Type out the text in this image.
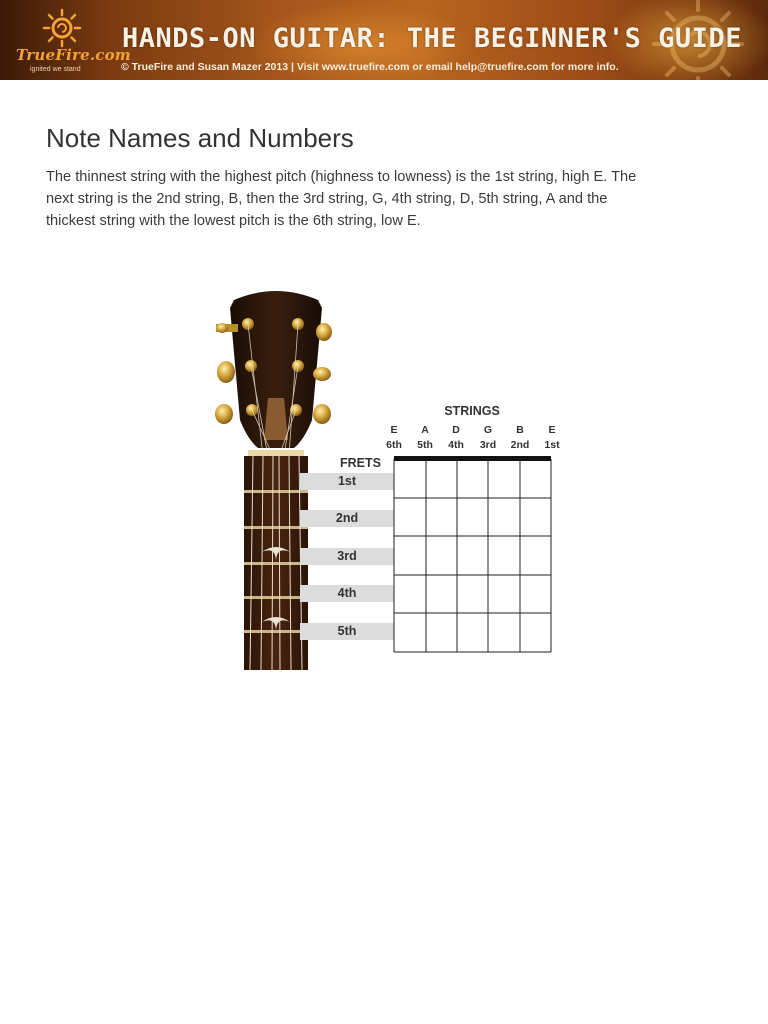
TrueFire.com
ignited we stand
HANDS-ON GUITAR: THE BEGINNER'S GUIDE
© TrueFire and Susan Mazer 2013 | Visit www.truefire.com or email help@truefire.com for more info.
Note Names and Numbers
The thinnest string with the highest pitch (highness to lowness) is the 1st string, high E. The next string is the 2nd string, B, then the 3rd string, G, 4th string, D, 5th string, A and the thickest string with the lowest pitch is the 6th string, low E.
STRINGS
E
6th
A
5th
D
4th
G
3rd
B
2nd
E
1st
FRETS
1st
2nd
3rd
4th
5th
